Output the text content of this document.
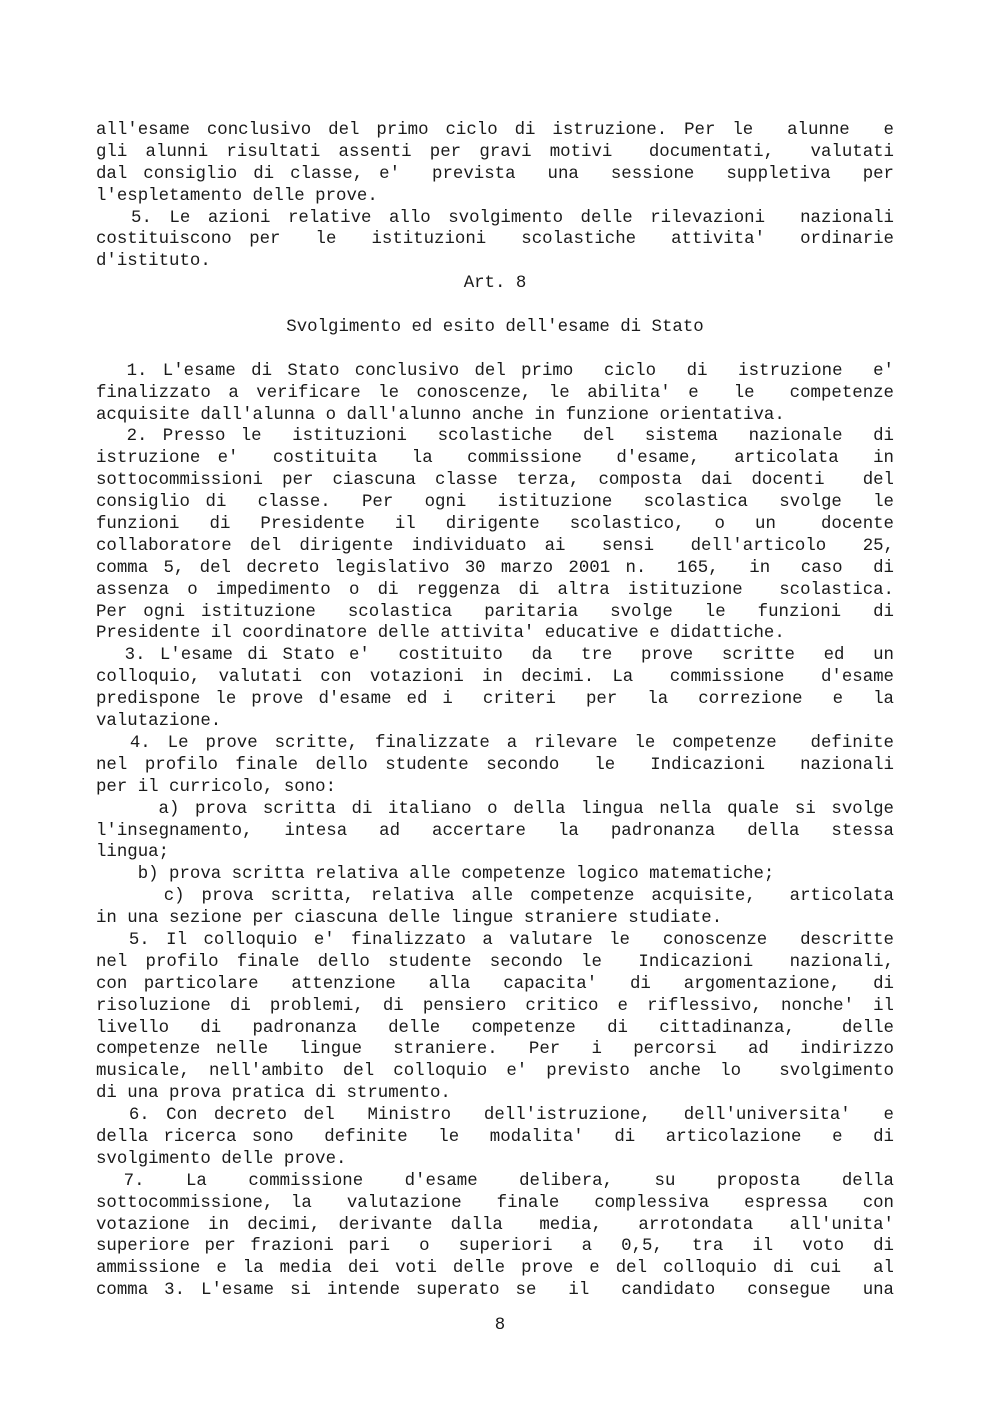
all'esame conclusivo del primo ciclo di istruzione. Per le  alunne  e
gli alunni risultati assenti per gravi motivi  documentati,  valutati
dal consiglio di classe, e'  prevista  una  sessione  suppletiva  per
l'espletamento delle prove.
5. Le azioni relative allo svolgimento delle rilevazioni  nazionali
costituiscono per  le  istituzioni  scolastiche  attivita'  ordinarie
d'istituto.
Art. 8
Svolgimento ed esito dell'esame di Stato
1. L'esame di Stato conclusivo del primo  ciclo  di  istruzione  e'
finalizzato a verificare le conoscenze, le abilita' e  le  competenze
acquisite dall'alunna o dall'alunno anche in funzione orientativa.
2. Presso le  istituzioni  scolastiche  del  sistema  nazionale  di
istruzione e'  costituita  la  commissione  d'esame,  articolata  in
sottocommissioni per ciascuna classe terza, composta dai docenti  del
consiglio di  classe.  Per  ogni  istituzione  scolastica  svolge  le
funzioni  di  Presidente  il  dirigente  scolastico,  o  un   docente
collaboratore del dirigente individuato ai  sensi  dell'articolo  25,
comma 5, del decreto legislativo 30 marzo 2001 n.  165,  in  caso  di
assenza o impedimento o di reggenza di altra istituzione  scolastica.
Per ogni istituzione  scolastica  paritaria  svolge  le  funzioni  di
Presidente il coordinatore delle attivita' educative e didattiche.
3. L'esame di Stato e'  costituito  da  tre  prove  scritte  ed  un
colloquio, valutati con votazioni in decimi. La  commissione  d'esame
predispone le prove d'esame ed i  criteri  per  la  correzione  e  la
valutazione.
4. Le prove scritte, finalizzate a rilevare le competenze  definite
nel profilo finale dello studente secondo  le  Indicazioni  nazionali
per il curricolo, sono:
a) prova scritta di italiano o della lingua nella quale si svolge
l'insegnamento,  intesa  ad  accertare  la  padronanza  della  stessa
lingua;
b) prova scritta relativa alle competenze logico matematiche;
c) prova scritta, relativa alle competenze acquisite,  articolata
in una sezione per ciascuna delle lingue straniere studiate.
5. Il colloquio e' finalizzato a valutare le  conoscenze  descritte
nel profilo finale dello studente secondo le  Indicazioni  nazionali,
con particolare  attenzione  alla  capacita'  di  argomentazione,  di
risoluzione di problemi, di pensiero critico e riflessivo, nonche' il
livello  di  padronanza  delle  competenze  di  cittadinanza,   delle
competenze nelle  lingue  straniere.  Per  i  percorsi  ad  indirizzo
musicale, nell'ambito del colloquio e' previsto anche lo  svolgimento
di una prova pratica di strumento.
6. Con decreto del  Ministro  dell'istruzione,  dell'universita'  e
della ricerca sono  definite  le  modalita'  di  articolazione  e  di
svolgimento delle prove.
7.   La   commissione   d'esame   delibera,   su   proposta   della
sottocommissione, la  valutazione  finale  complessiva  espressa  con
votazione in decimi, derivante dalla  media,  arrotondata  all'unita'
superiore per frazioni pari  o  superiori  a  0,5,  tra  il  voto  di
ammissione e la media dei voti delle prove e del colloquio di cui  al
comma 3. L'esame si intende superato se  il  candidato  consegue  una
8
